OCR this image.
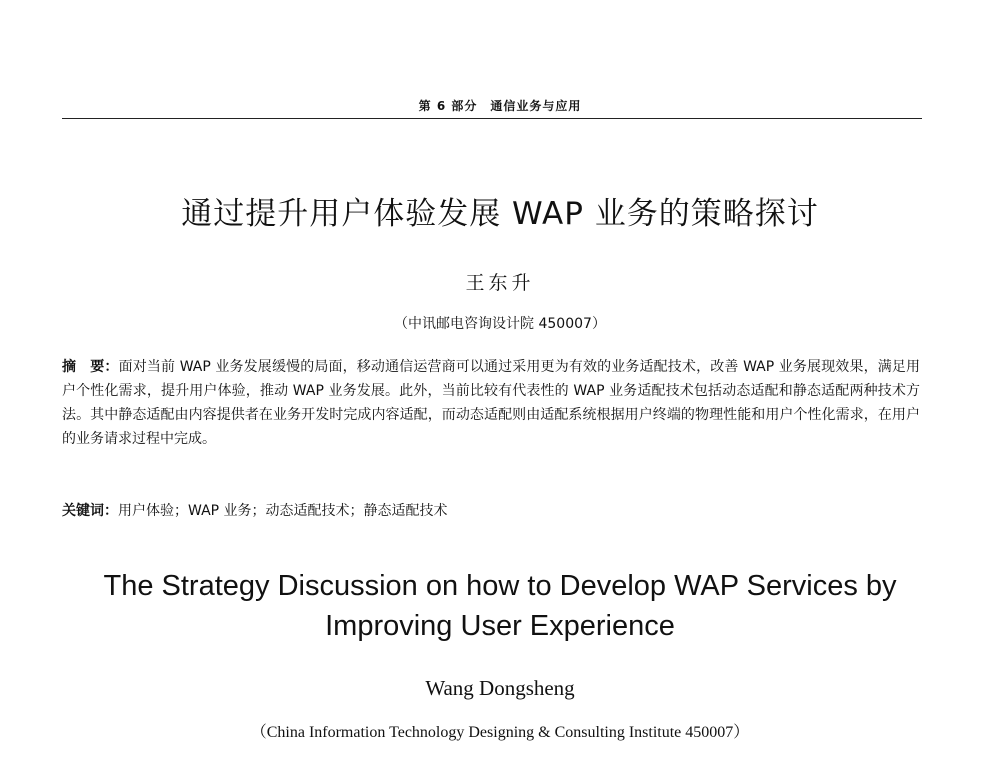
第 6 部分　通信业务与应用
通过提升用户体验发展 WAP 业务的策略探讨
王东升
（中讯邮电咨询设计院 450007）
摘　要：面对当前 WAP 业务发展缓慢的局面，移动通信运营商可以通过采用更为有效的业务适配技术，改善 WAP 业务展现效果，满足用户个性化需求，提升用户体验，推动 WAP 业务发展。此外，当前比较有代表性的 WAP 业务适配技术包括动态适配和静态适配两种技术方法。其中静态适配由内容提供者在业务开发时完成内容适配，而动态适配则由适配系统根据用户终端的物理性能和用户个性化需求，在用户的业务请求过程中完成。
关键词：用户体验；WAP 业务；动态适配技术；静态适配技术
The Strategy Discussion on how to Develop WAP Services by Improving User Experience
Wang Dongsheng
（China Information Technology Designing & Consulting Institute 450007）
